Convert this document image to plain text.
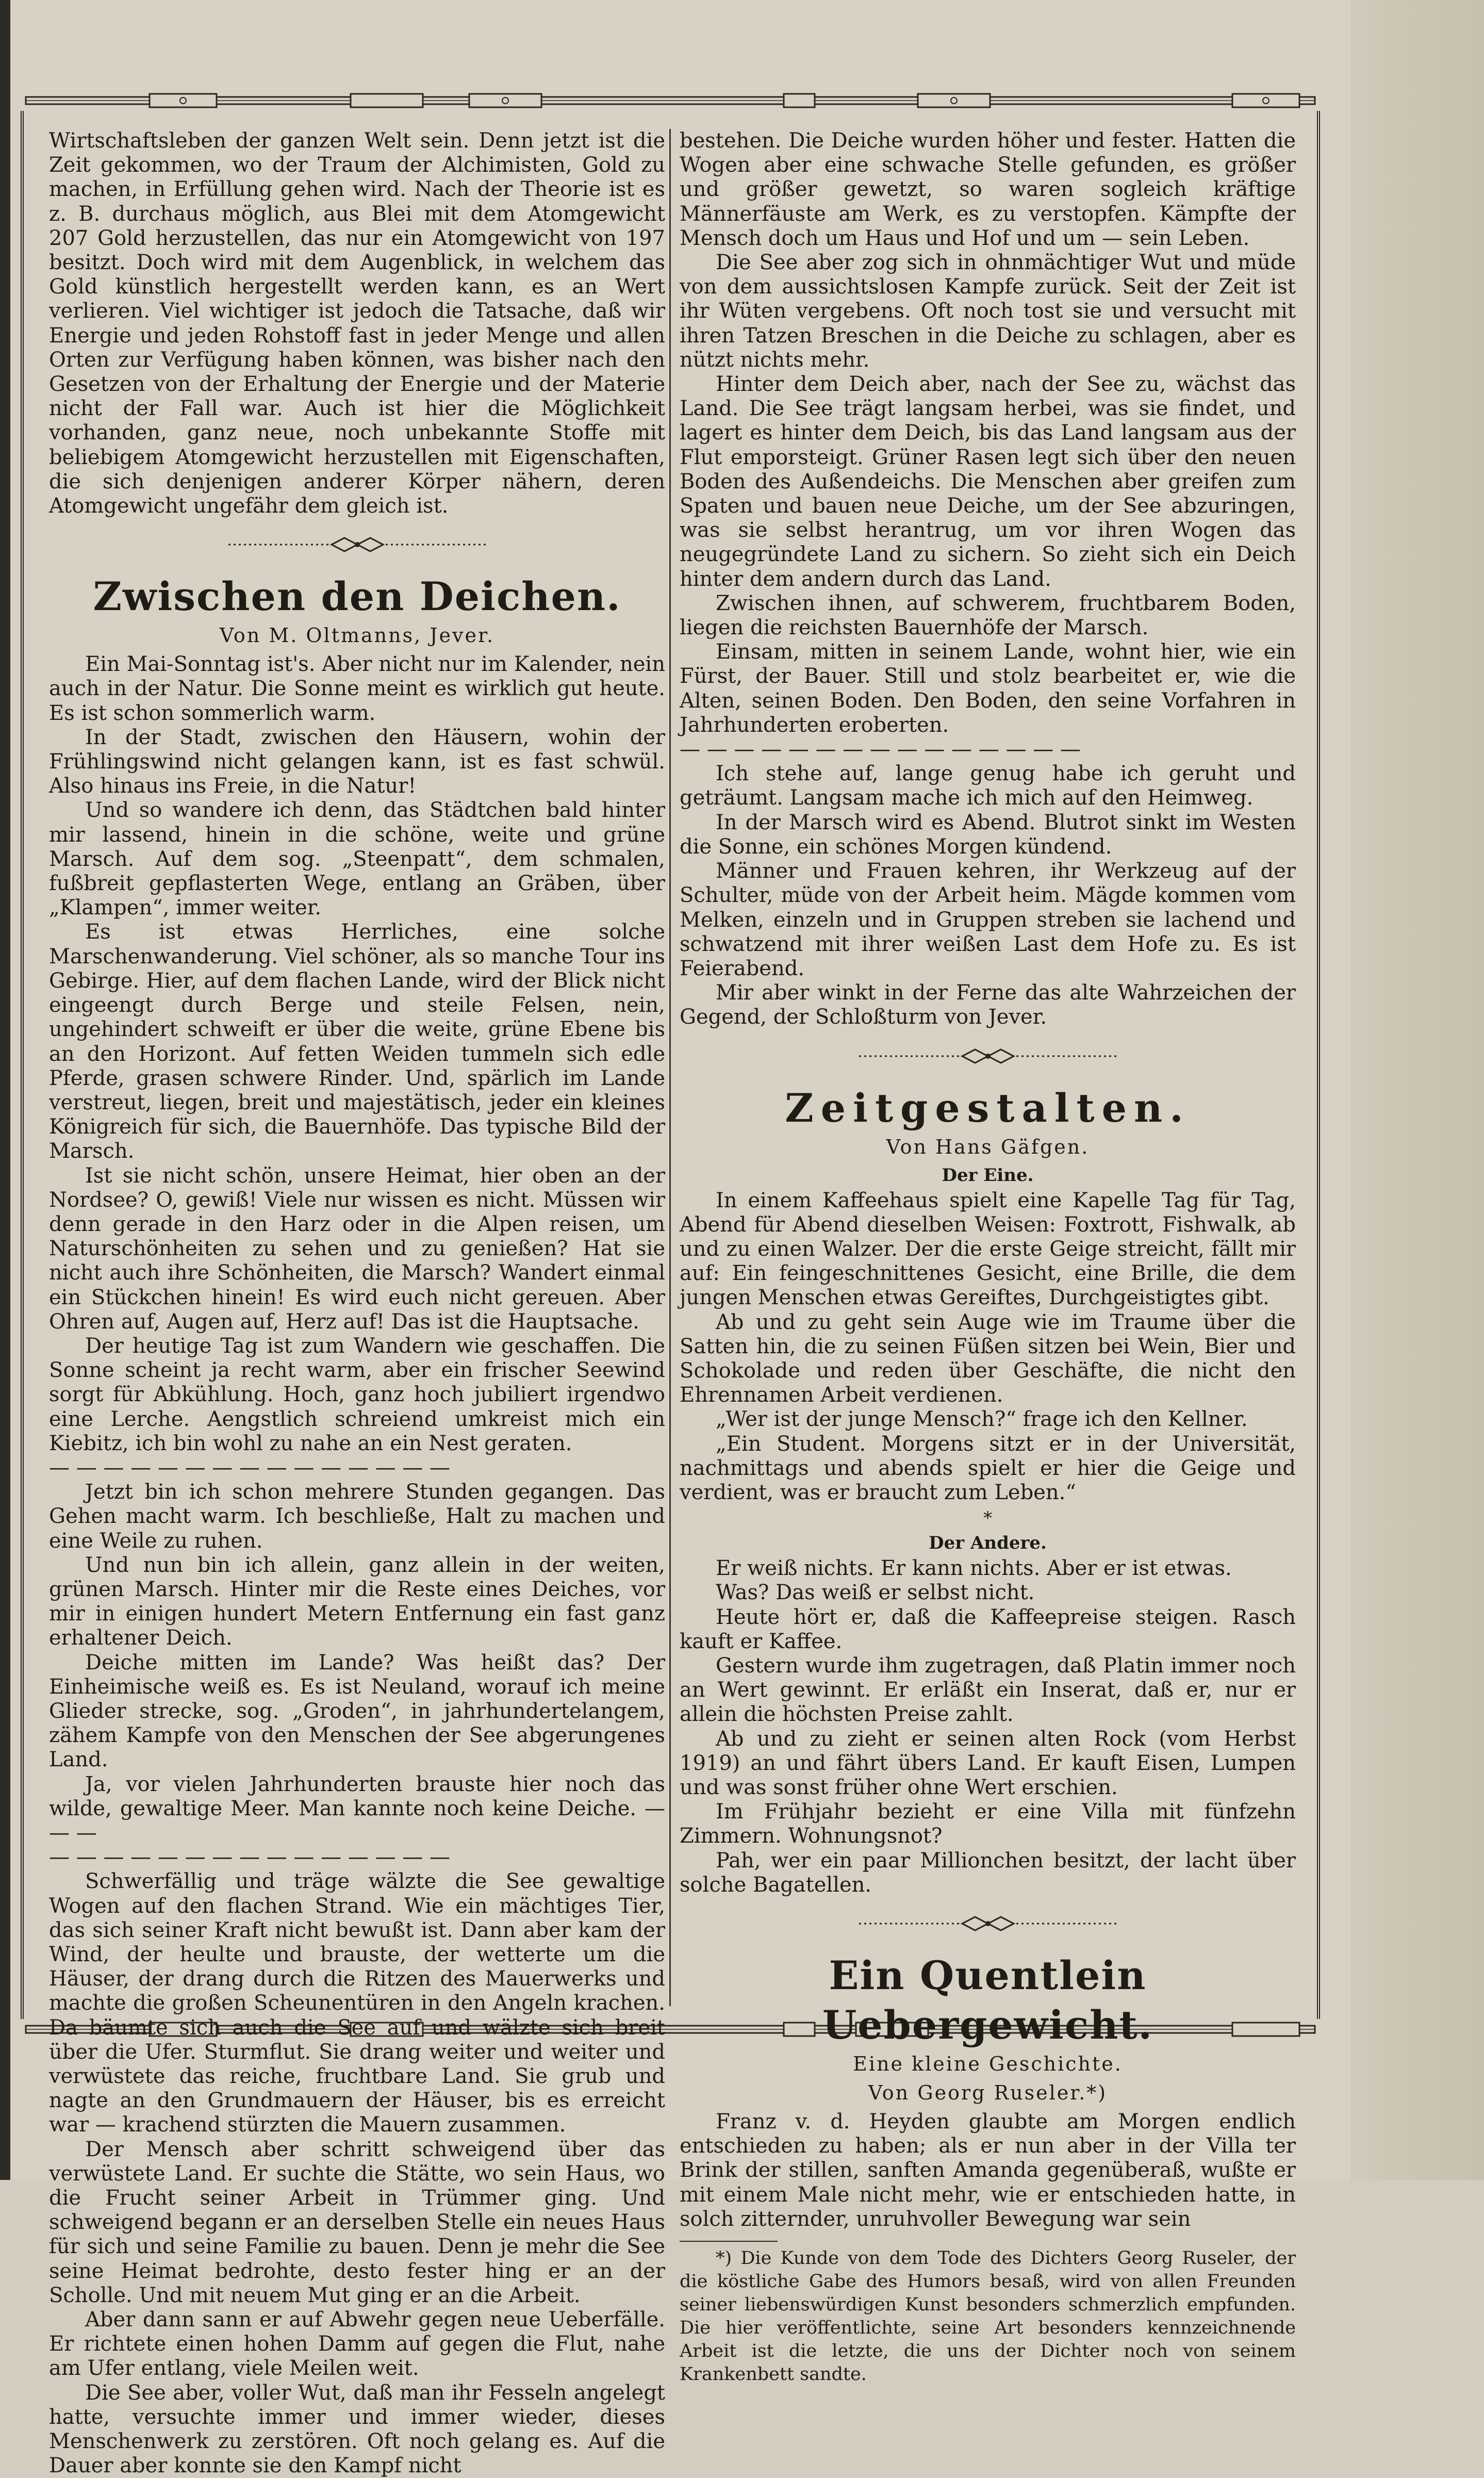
Wirtschaftsleben der ganzen Welt sein. Denn jetzt ist die Zeit gekommen, wo der Traum der Alchimisten, Gold zu machen, in Erfüllung gehen wird. Nach der Theorie ist es z. B. durchaus möglich, aus Blei mit dem Atomgewicht 207 Gold herzustellen, das nur ein Atomgewicht von 197 besitzt. Doch wird mit dem Augenblick, in welchem das Gold künstlich hergestellt werden kann, es an Wert verlieren. Viel wichtiger ist jedoch die Tatsache, daß wir Energie und jeden Rohstoff fast in jeder Menge und allen Orten zur Verfügung haben können, was bisher nach den Gesetzen von der Erhaltung der Energie und der Materie nicht der Fall war. Auch ist hier die Möglichkeit vorhanden, ganz neue, noch unbekannte Stoffe mit beliebigem Atomgewicht herzustellen mit Eigenschaften, die sich denjenigen anderer Körper nähern, deren Atomgewicht ungefähr dem gleich ist.

Zwischen den Deichen.
Von M. Oltmanns, Jever.

Ein Mai-Sonntag ist's. Aber nicht nur im Kalender, nein auch in der Natur. Die Sonne meint es wirklich gut heute. Es ist schon sommerlich warm.

In der Stadt, zwischen den Häusern, wohin der Frühlingswind nicht gelangen kann, ist es fast schwül. Also hinaus ins Freie, in die Natur!

Und so wandere ich denn, das Städtchen bald hinter mir lassend, hinein in die schöne, weite und grüne Marsch. Auf dem sog. „Steenpatt“, dem schmalen, fußbreit gepflasterten Wege, entlang an Gräben, über „Klampen“, immer weiter.

Es ist etwas Herrliches, eine solche Marschenwanderung. Viel schöner, als so manche Tour ins Gebirge. Hier, auf dem flachen Lande, wird der Blick nicht eingeengt durch Berge und steile Felsen, nein, ungehindert schweift er über die weite, grüne Ebene bis an den Horizont. Auf fetten Weiden tummeln sich edle Pferde, grasen schwere Rinder. Und, spärlich im Lande verstreut, liegen, breit und majestätisch, jeder ein kleines Königreich für sich, die Bauernhöfe. Das typische Bild der Marsch.

Ist sie nicht schön, unsere Heimat, hier oben an der Nordsee? O, gewiß! Viele nur wissen es nicht. Müssen wir denn gerade in den Harz oder in die Alpen reisen, um Naturschönheiten zu sehen und zu genießen? Hat sie nicht auch ihre Schönheiten, die Marsch? Wandert einmal ein Stückchen hinein! Es wird euch nicht gereuen. Aber Ohren auf, Augen auf, Herz auf! Das ist die Hauptsache.

Der heutige Tag ist zum Wandern wie geschaffen. Die Sonne scheint ja recht warm, aber ein frischer Seewind sorgt für Abkühlung. Hoch, ganz hoch jubiliert irgendwo eine Lerche. Aengstlich schreiend umkreist mich ein Kiebitz, ich bin wohl zu nahe an ein Nest geraten.

— — — — — — — — — — — — — — —

Jetzt bin ich schon mehrere Stunden gegangen. Das Gehen macht warm. Ich beschließe, Halt zu machen und eine Weile zu ruhen.

Und nun bin ich allein, ganz allein in der weiten, grünen Marsch. Hinter mir die Reste eines Deiches, vor mir in einigen hundert Metern Entfernung ein fast ganz erhaltener Deich.

Deiche mitten im Lande? Was heißt das? Der Einheimische weiß es. Es ist Neuland, worauf ich meine Glieder strecke, sog. „Groden“, in jahrhundertelangem, zähem Kampfe von den Menschen der See abgerungenes Land.

Ja, vor vielen Jahrhunderten brauste hier noch das wilde, gewaltige Meer. Man kannte noch keine Deiche. — — —

— — — — — — — — — — — — — — —

Schwerfällig und träge wälzte die See gewaltige Wogen auf den flachen Strand. Wie ein mächtiges Tier, das sich seiner Kraft nicht bewußt ist. Dann aber kam der Wind, der heulte und brauste, der wetterte um die Häuser, der drang durch die Ritzen des Mauerwerks und machte die großen Scheunentüren in den Angeln krachen. Da bäumte sich auch die See auf und wälzte sich breit über die Ufer. Sturmflut. Sie drang weiter und weiter und verwüstete das reiche, fruchtbare Land. Sie grub und nagte an den Grundmauern der Häuser, bis es erreicht war — krachend stürzten die Mauern zusammen.

Der Mensch aber schritt schweigend über das verwüstete Land. Er suchte die Stätte, wo sein Haus, wo die Frucht seiner Arbeit in Trümmer ging. Und schweigend begann er an derselben Stelle ein neues Haus für sich und seine Familie zu bauen. Denn je mehr die See seine Heimat bedrohte, desto fester hing er an der Scholle. Und mit neuem Mut ging er an die Arbeit.

Aber dann sann er auf Abwehr gegen neue Ueberfälle. Er richtete einen hohen Damm auf gegen die Flut, nahe am Ufer entlang, viele Meilen weit.

Die See aber, voller Wut, daß man ihr Fesseln angelegt hatte, versuchte immer und immer wieder, dieses Menschenwerk zu zerstören. Oft noch gelang es. Auf die Dauer aber konnte sie den Kampf nicht

bestehen. Die Deiche wurden höher und fester. Hatten die Wogen aber eine schwache Stelle gefunden, es größer und größer gewetzt, so waren sogleich kräftige Männerfäuste am Werk, es zu verstopfen. Kämpfte der Mensch doch um Haus und Hof und um — sein Leben.

Die See aber zog sich in ohnmächtiger Wut und müde von dem aussichtslosen Kampfe zurück. Seit der Zeit ist ihr Wüten vergebens. Oft noch tost sie und versucht mit ihren Tatzen Breschen in die Deiche zu schlagen, aber es nützt nichts mehr.

Hinter dem Deich aber, nach der See zu, wächst das Land. Die See trägt langsam herbei, was sie findet, und lagert es hinter dem Deich, bis das Land langsam aus der Flut emporsteigt. Grüner Rasen legt sich über den neuen Boden des Außendeichs. Die Menschen aber greifen zum Spaten und bauen neue Deiche, um der See abzuringen, was sie selbst herantrug, um vor ihren Wogen das neugegründete Land zu sichern. So zieht sich ein Deich hinter dem andern durch das Land.

Zwischen ihnen, auf schwerem, fruchtbarem Boden, liegen die reichsten Bauernhöfe der Marsch.

Einsam, mitten in seinem Lande, wohnt hier, wie ein Fürst, der Bauer. Still und stolz bearbeitet er, wie die Alten, seinen Boden. Den Boden, den seine Vorfahren in Jahrhunderten eroberten.

— — — — — — — — — — — — — — —

Ich stehe auf, lange genug habe ich geruht und geträumt. Langsam mache ich mich auf den Heimweg.

In der Marsch wird es Abend. Blutrot sinkt im Westen die Sonne, ein schönes Morgen kündend.

Männer und Frauen kehren, ihr Werkzeug auf der Schulter, müde von der Arbeit heim. Mägde kommen vom Melken, einzeln und in Gruppen streben sie lachend und schwatzend mit ihrer weißen Last dem Hofe zu. Es ist Feierabend.

Mir aber winkt in der Ferne das alte Wahrzeichen der Gegend, der Schloßturm von Jever.

Zeitgestalten.
Von Hans Gäfgen.
Der Eine.

In einem Kaffeehaus spielt eine Kapelle Tag für Tag, Abend für Abend dieselben Weisen: Foxtrott, Fishwalk, ab und zu einen Walzer. Der die erste Geige streicht, fällt mir auf: Ein feingeschnittenes Gesicht, eine Brille, die dem jungen Menschen etwas Gereiftes, Durchgeistigtes gibt.

Ab und zu geht sein Auge wie im Traume über die Satten hin, die zu seinen Füßen sitzen bei Wein, Bier und Schokolade und reden über Geschäfte, die nicht den Ehrennamen Arbeit verdienen.

„Wer ist der junge Mensch?“ frage ich den Kellner.

„Ein Student. Morgens sitzt er in der Universität, nachmittags und abends spielt er hier die Geige und verdient, was er braucht zum Leben.“

*
Der Andere.

Er weiß nichts. Er kann nichts. Aber er ist etwas.

Was? Das weiß er selbst nicht.

Heute hört er, daß die Kaffeepreise steigen. Rasch kauft er Kaffee.

Gestern wurde ihm zugetragen, daß Platin immer noch an Wert gewinnt. Er erläßt ein Inserat, daß er, nur er allein die höchsten Preise zahlt.

Ab und zu zieht er seinen alten Rock (vom Herbst 1919) an und fährt übers Land. Er kauft Eisen, Lumpen und was sonst früher ohne Wert erschien.

Im Frühjahr bezieht er eine Villa mit fünfzehn Zimmern. Wohnungsnot?

Pah, wer ein paar Millionchen besitzt, der lacht über solche Bagatellen.

Ein Quentlein Uebergewicht.
Eine kleine Geschichte.
Von Georg Ruseler.*)

Franz v. d. Heyden glaubte am Morgen endlich entschieden zu haben; als er nun aber in der Villa ter Brink der stillen, sanften Amanda gegenüberaß, wußte er mit einem Male nicht mehr, wie er entschieden hatte, in solch zitternder, unruhvoller Bewegung war sein

*) Die Kunde von dem Tode des Dichters Georg Ruseler, der die köstliche Gabe des Humors besaß, wird von allen Freunden seiner liebenswürdigen Kunst besonders schmerzlich empfunden. Die hier veröffentlichte, seine Art besonders kennzeichnende Arbeit ist die letzte, die uns der Dichter noch von seinem Krankenbett sandte.
